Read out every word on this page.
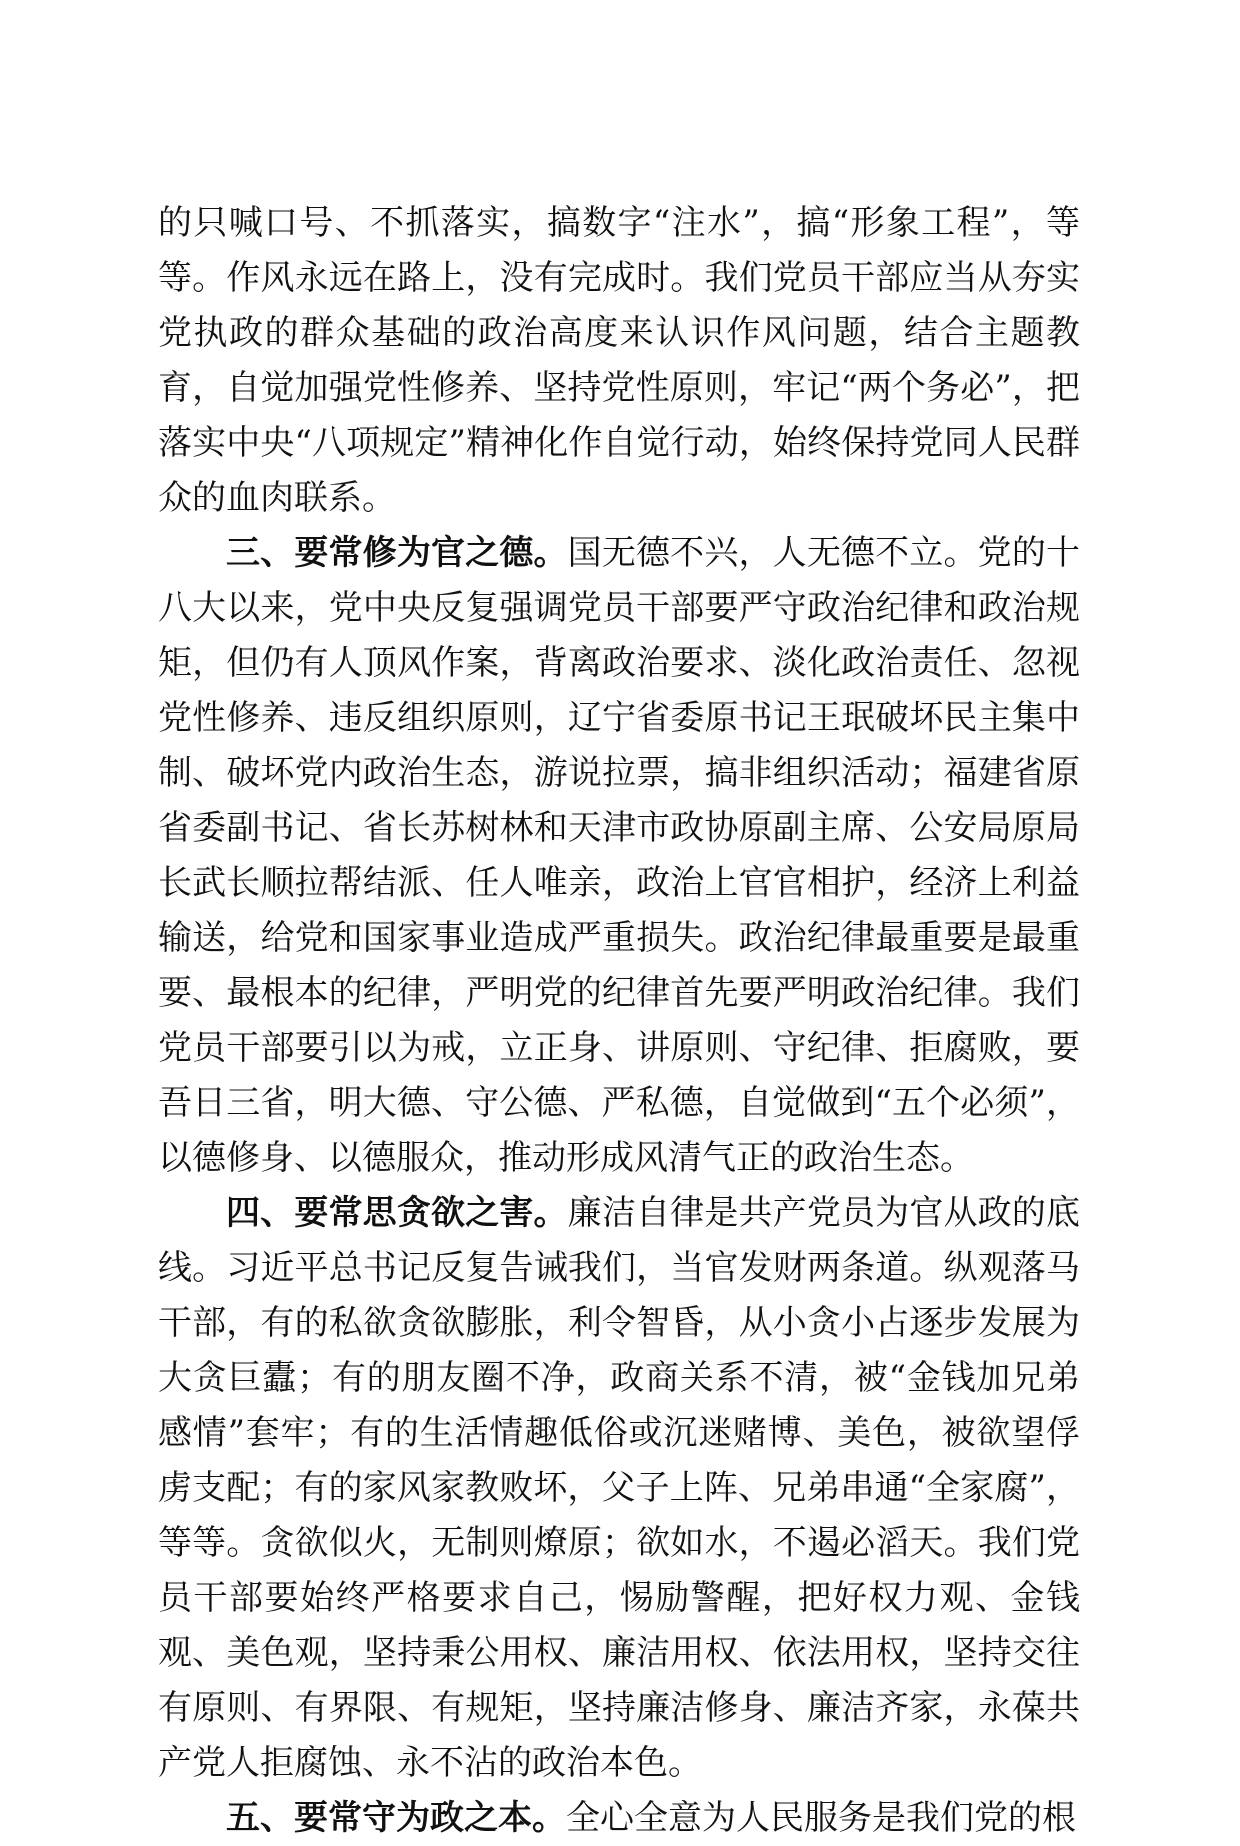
的只喊口号、不抓落实，搞数字“注水”，搞“形象工程”，等等。作风永远在路上，没有完成时。我们党员干部应当从夯实党执政的群众基础的政治高度来认识作风问题，结合主题教育，自觉加强党性修养、坚持党性原则，牢记“两个务必”，把落实中央“八项规定”精神化作自觉行动，始终保持党同人民群众的血肉联系。

三、要常修为官之德。国无德不兴，人无德不立。党的十八大以来，党中央反复强调党员干部要严守政治纪律和政治规矩，但仍有人顶风作案，背离政治要求、淡化政治责任、忽视党性修养、违反组织原则，辽宁省委原书记王珉破坏民主集中制、破坏党内政治生态，游说拉票，搞非组织活动；福建省原省委副书记、省长苏树林和天津市政协原副主席、公安局原局长武长顺拉帮结派、任人唯亲，政治上官官相护，经济上利益输送，给党和国家事业造成严重损失。政治纪律最重要是最重要、最根本的纪律，严明党的纪律首先要严明政治纪律。我们党员干部要引以为戒，立正身、讲原则、守纪律、拒腐败，要吾日三省，明大德、守公德、严私德，自觉做到“五个必须”，以德修身、以德服众，推动形成风清气正的政治生态。

四、要常思贪欲之害。廉洁自律是共产党员为官从政的底线。习近平总书记反复告诫我们，当官发财两条道。纵观落马干部，有的私欲贪欲膨胀，利令智昏，从小贪小占逐步发展为大贪巨蠹；有的朋友圈不净，政商关系不清，被“金钱加兄弟感情”套牢；有的生活情趣低俗或沉迷赌博、美色，被欲望俘虏支配；有的家风家教败坏，父子上阵、兄弟串通“全家腐”，等等。贪欲似火，无制则燎原；欲如水，不遏必滔天。我们党员干部要始终严格要求自己，惕励警醒，把好权力观、金钱观、美色观，坚持秉公用权、廉洁用权、依法用权，坚持交往有原则、有界限、有规矩，坚持廉洁修身、廉洁齐家，永葆共产党人拒腐蚀、永不沾的政治本色。

五、要常守为政之本。全心全意为人民服务是我们党的根
